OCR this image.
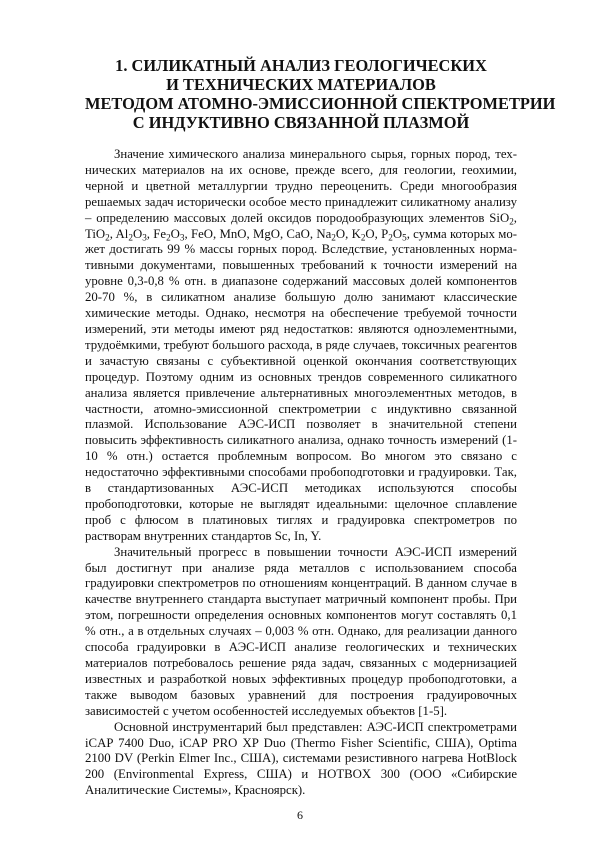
1. СИЛИКАТНЫЙ АНАЛИЗ ГЕОЛОГИЧЕСКИХ
И ТЕХНИЧЕСКИХ МАТЕРИАЛОВ
МЕТОДОМ АТОМНО-ЭМИССИОННОЙ СПЕКТРОМЕТРИИ
С ИНДУКТИВНО СВЯЗАННОЙ ПЛАЗМОЙ

Значение химического анализа минерального сырья, горных пород, технических материалов на их основе, прежде всего, для геологии, геохимии, черной и цветной металлургии трудно переоценить. Среди многообразия решаемых задач исторически особое место принадлежит силикатному анализу – определению массовых долей оксидов породообразующих элементов SiO$_2$, TiO$_2$, $Al_2O_3$, $Fe_2O_3$, FeO, MnO, MgO, CaO, $Na_2O$, $K_2O$, $P_2O_5$, сумма которых может достигать 99 % массы горных пород. Вследствие, установленных нормативными документами, повышенных требований к точности измерений на уровне 0,3-0,8 % отн. в диапазоне содержаний массовых долей компонентов 20-70 %, в силикатном анализе большую долю занимают классические химические методы. Однако, несмотря на обеспечение требуемой точности измерений, эти методы имеют ряд недостатков: являются одноэлементными, трудоёмкими, требуют большого расхода, в ряде случаев, токсичных реагентов и зачастую связаны с субъективной оценкой окончания соответствующих процедур. Поэтому одним из основных трендов современного силикатного анализа является привлечение альтернативных многоэлементных методов, в частности, атомно-эмиссионной спектрометрии с индуктивно связанной плазмой. Использование АЭС-ИСП позволяет в значительной степени повысить эффективность силикатного анализа, однако точность измерений (1-10 % отн.) остается проблемным вопросом. Во многом это связано с недостаточно эффективными способами пробоподготовки и градуировки. Так, в стандартизованных АЭС-ИСП методиках используются способы пробоподготовки, которые не выглядят идеальными: щелочное сплавление проб с флюсом в платиновых тиглях и градуировка спектрометров по растворам внутренних стандартов Sc, In, Y.

Значительный прогресс в повышении точности АЭС-ИСП измерений был достигнут при анализе ряда металлов с использованием способа градуировки спектрометров по отношениям концентраций. В данном случае в качестве внутреннего стандарта выступает матричный компонент пробы. При этом, погрешности определения основных компонентов могут составлять 0,1 % отн., а в отдельных случаях – 0,003 % отн. Однако, для реализации данного способа градуировки в АЭС-ИСП анализе геологических и технических материалов потребовалось решение ряда задач, связанных с модернизацией известных и разработкой новых эффективных процедур пробоподготовки, а также выводом базовых уравнений для построения градуировочных зависимостей с учетом особенностей исследуемых объектов [1-5].

Основной инструментарий был представлен: АЭС-ИСП спектрометрами iCAP 7400 Duo, iCAP PRO XP Duo (Thermo Fisher Scientific, США), Optima 2100 DV (Perkin Elmer Inc., США), системами резистивного нагрева HotBlock 200 (Environmental Express, США) и HOTBOX 300 (ООО «Сибирские Аналитические Системы», Красноярск).

6
